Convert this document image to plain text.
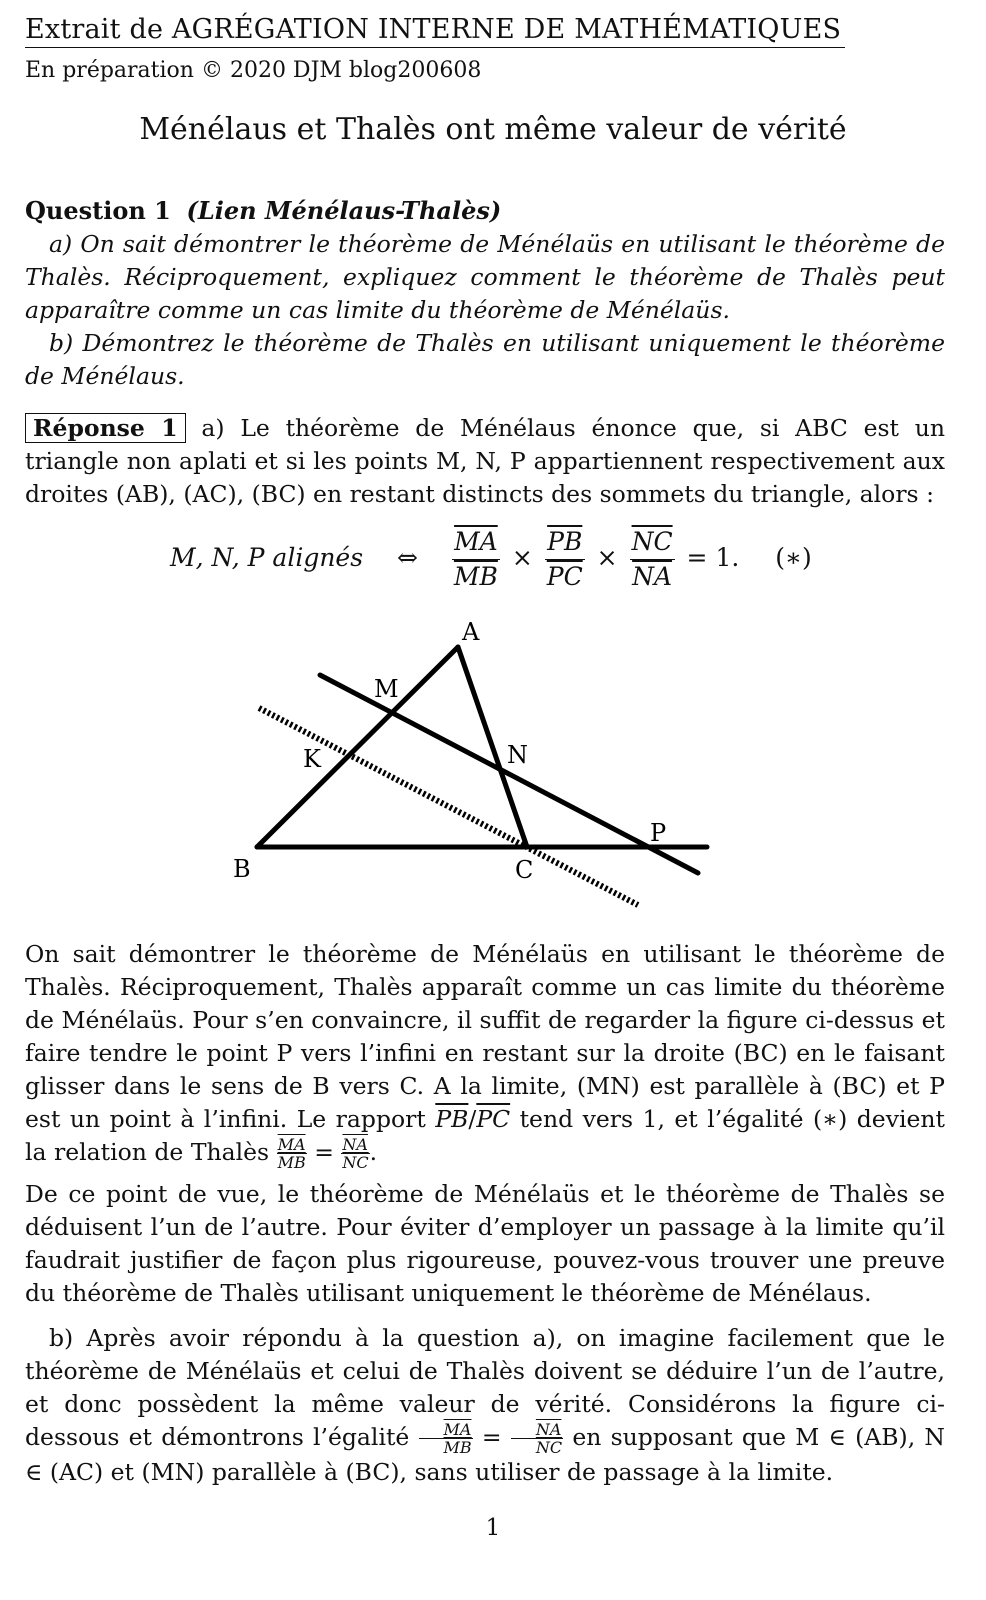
Extrait de AGRÉGATION INTERNE DE MATHÉMATIQUES
En préparation © 2020 DJM blog200608
Ménélaus et Thalès ont même valeur de vérité
Question 1 (Lien Ménélaus-Thalès)
a) On sait démontrer le théorème de Ménélaüs en utilisant le théorème de Thalès. Réciproquement, expliquez comment le théorème de Thalès peut apparaître comme un cas limite du théorème de Ménélaüs.
b) Démontrez le théorème de Thalès en utilisant uniquement le théorème de Ménélaus.
Réponse 1 a) Le théorème de Ménélaus énonce que, si ABC est un triangle non aplati et si les points M, N, P appartiennent respectivement aux droites (AB), (AC), (BC) en restant distincts des sommets du triangle, alors :
M, N, P alignés ⇔ $\frac{\overline{MA}}{MB} \times \frac{\overline{PB}}{PC} \times \frac{\overline{NC}}{NA} = 1$. (∗)
A
M
K	N
P
B	C
On sait démontrer le théorème de Ménélaüs en utilisant le théorème de Thalès. Réciproquement, Thalès apparaît comme un cas limite du théorème de Ménélaüs. Pour s’en convaincre, il suffit de regarder la figure ci-dessus et faire tendre le point P vers l’infini en restant sur la droite (BC) en le faisant glisser dans le sens de B vers C. A la limite, (MN) est parallèle à (BC) et P est un point à l’infini. Le rapport $\overline{PB}/\overline{PC}$ tend vers 1, et l’égalité (∗) devient la relation de Thalès $\frac{\overline{MA}}{MB} = \frac{\overline{NA}}{NC}$ .
De ce point de vue, le théorème de Ménélaüs et le théorème de Thalès se déduisent l’un de l’autre. Pour éviter d’employer un passage à la limite qu’il faudrait justifier de façon plus rigoureuse, pouvez-vous trouver une preuve du théorème de Thalès utilisant uniquement le théorème de Ménélaus.
b) Après avoir répondu à la question a), on imagine facilement que le théorème de Ménélaüs et celui de Thalès doivent se déduire l’un de l’autre, et donc possèdent la même valeur de vérité. Considérons la figure ci-dessous et démontrons l’égalité $\frac{\overline{MA}}{MB} = \frac{\overline{NA}}{NC}$ en supposant que M ∈ (AB), N ∈ (AC) et (MN) parallèle à (BC), sans utiliser de passage à la limite.
1
